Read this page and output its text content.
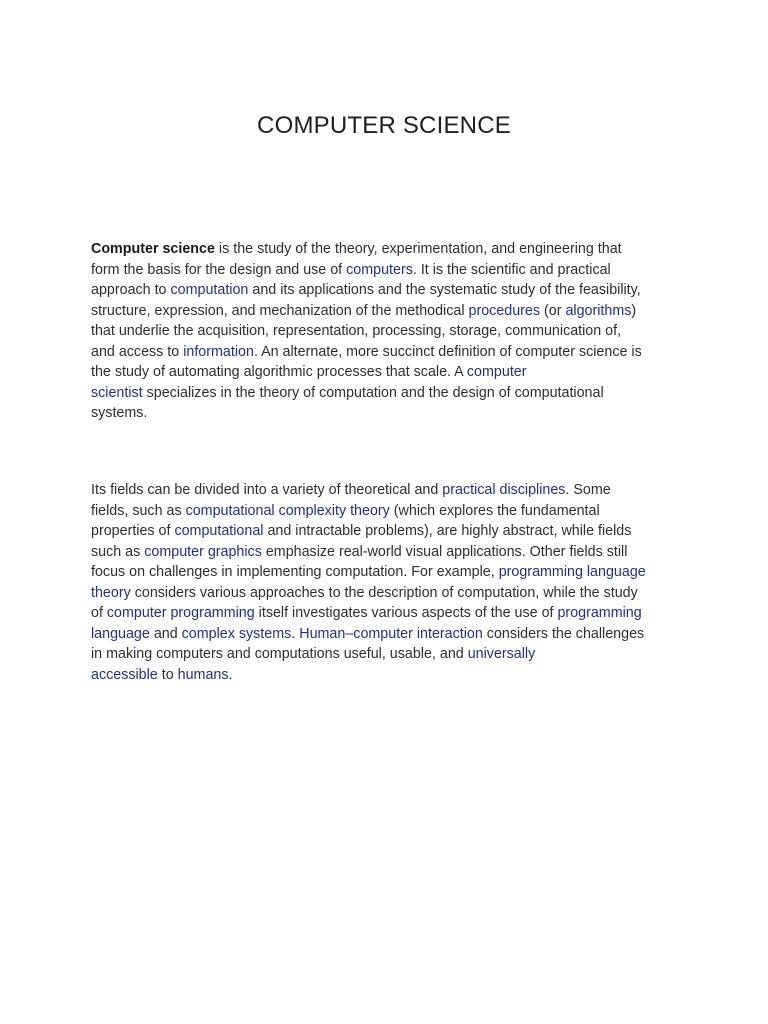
COMPUTER SCIENCE

Computer science is the study of the theory, experimentation, and engineering that
form the basis for the design and use of computers. It is the scientific and practical
approach to computation and its applications and the systematic study of the feasibility,
structure, expression, and mechanization of the methodical procedures (or algorithms)
that underlie the acquisition, representation, processing, storage, communication of,
and access to information. An alternate, more succinct definition of computer science is
the study of automating algorithmic processes that scale. A computer
scientist specializes in the theory of computation and the design of computational
systems.

Its fields can be divided into a variety of theoretical and practical disciplines. Some
fields, such as computational complexity theory (which explores the fundamental
properties of computational and intractable problems), are highly abstract, while fields
such as computer graphics emphasize real-world visual applications. Other fields still
focus on challenges in implementing computation. For example, programming language
theory considers various approaches to the description of computation, while the study
of computer programming itself investigates various aspects of the use of programming
language and complex systems. Human–computer interaction considers the challenges
in making computers and computations useful, usable, and universally
accessible to humans.
